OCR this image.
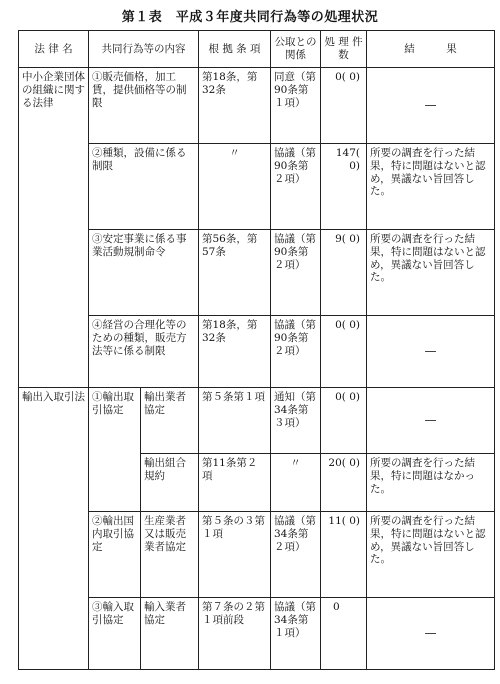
第１表　平成３年度共同行為等の処理状況
法 律 名	共同行為等の内容		根 拠 条 項	公取との関係	処 理 件 数	結　　　果
中小企業団体の組織に関する法律	①販売価格，加工賃，提供価格等の制限		第18条，第32条	同意（第90条第１項）	0( 0)	—
	②種類，設備に係る制限		〃	協議（第90条第２項）	147( 0)	所要の調査を行った結果，特に問題はないと認め，異議ない旨回答した。
	③安定事業に係る事業活動規制命令		第56条，第57条	協議（第90条第２項）	9( 0)	所要の調査を行った結果，特に問題はないと認め，異議ない旨回答した。
	④経営の合理化等のための種類，販売方法等に係る制限		第18条，第32条	協議（第90条第２項）	0( 0)	—
輸出入取引法	①輸出取引協定	輸出業者協定	第５条第１項	通知（第34条第３項）	0( 0)	—
		輸出組合規約	第11条第２項	〃	20( 0)	所要の調査を行った結果，特に問題はなかった。
	②輸出国内取引協定	生産業者又は販売業者協定	第５条の３第１項	協議（第34条第２項）	11( 0)	所要の調査を行った結果，特に問題はないと認め，異議ない旨回答した。
	③輸入取引協定	輸入業者協定	第７条の２第１項前段	協議（第34条第１項）	0	—
